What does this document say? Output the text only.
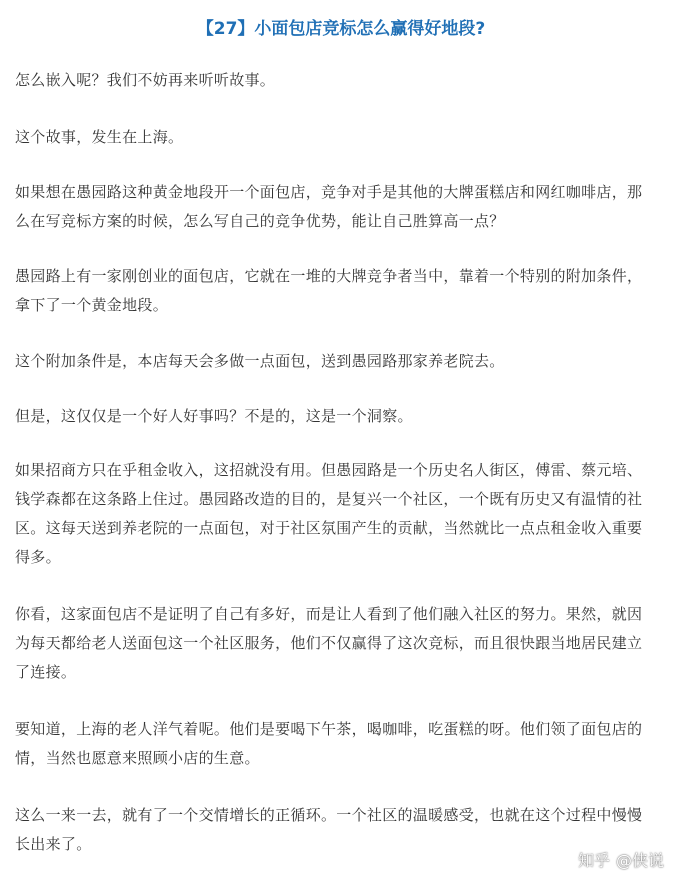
【27】小面包店竞标怎么赢得好地段?
怎么嵌入呢？我们不妨再来听听故事。
这个故事，发生在上海。
如果想在愚园路这种黄金地段开一个面包店，竞争对手是其他的大牌蛋糕店和网红咖啡店，那
么在写竞标方案的时候，怎么写自己的竞争优势，能让自己胜算高一点？
愚园路上有一家刚创业的面包店，它就在一堆的大牌竞争者当中，靠着一个特别的附加条件，
拿下了一个黄金地段。
这个附加条件是，本店每天会多做一点面包，送到愚园路那家养老院去。
但是，这仅仅是一个好人好事吗？不是的，这是一个洞察。
如果招商方只在乎租金收入，这招就没有用。但愚园路是一个历史名人街区，傅雷、蔡元培、
钱学森都在这条路上住过。愚园路改造的目的，是复兴一个社区，一个既有历史又有温情的社
区。这每天送到养老院的一点面包，对于社区氛围产生的贡献，当然就比一点点租金收入重要
得多。
你看，这家面包店不是证明了自己有多好，而是让人看到了他们融入社区的努力。果然，就因
为每天都给老人送面包这一个社区服务，他们不仅赢得了这次竞标，而且很快跟当地居民建立
了连接。
要知道，上海的老人洋气着呢。他们是要喝下午茶，喝咖啡，吃蛋糕的呀。他们领了面包店的
情，当然也愿意来照顾小店的生意。
这么一来一去，就有了一个交情增长的正循环。一个社区的温暖感受，也就在这个过程中慢慢
长出来了。
知乎 @侠说
